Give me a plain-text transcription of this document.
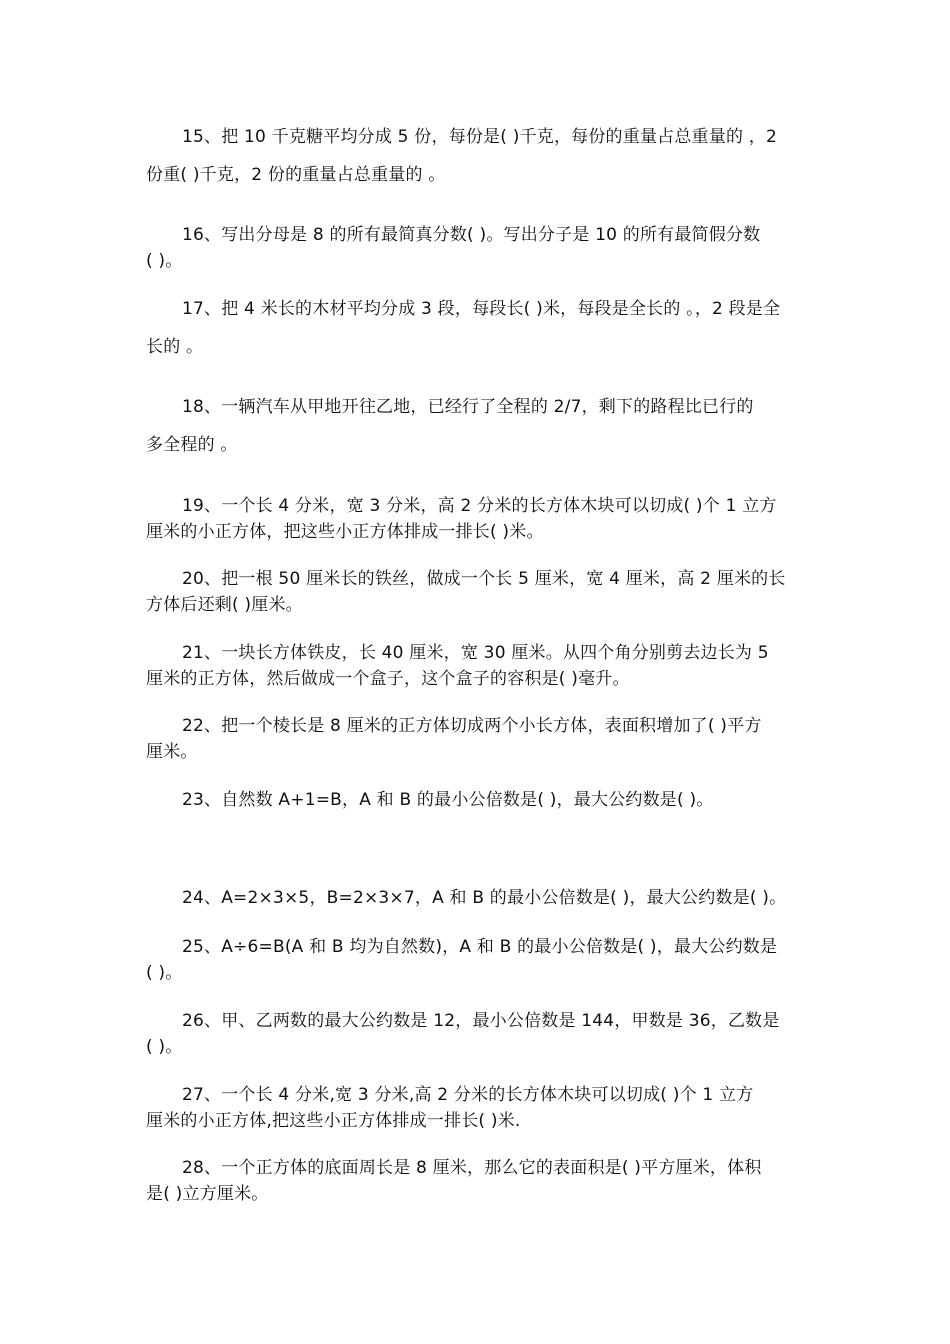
15、把 10 千克糖平均分成 5 份，每份是( )千克，每份的重量占总重量的 ，2
份重( )千克，2 份的重量占总重量的 。

16、写出分母是 8 的所有最简真分数( )。写出分子是 10 的所有最简假分数
( )。

17、把 4 米长的木材平均分成 3 段，每段长( )米，每段是全长的 。，2 段是全
长的 。

18、一辆汽车从甲地开往乙地，已经行了全程的 2/7，剩下的路程比已行的
多全程的 。

19、一个长 4 分米，宽 3 分米，高 2 分米的长方体木块可以切成( )个 1 立方
厘米的小正方体，把这些小正方体排成一排长( )米。

20、把一根 50 厘米长的铁丝，做成一个长 5 厘米，宽 4 厘米，高 2 厘米的长
方体后还剩( )厘米。

21、一块长方体铁皮，长 40 厘米，宽 30 厘米。从四个角分别剪去边长为 5
厘米的正方体，然后做成一个盒子，这个盒子的容积是( )毫升。

22、把一个棱长是 8 厘米的正方体切成两个小长方体，表面积增加了( )平方
厘米。

23、自然数 A+1=B，A 和 B 的最小公倍数是( )，最大公约数是( )。

24、A=2×3×5，B=2×3×7，A 和 B 的最小公倍数是( )，最大公约数是( )。

25、A÷6=B(A 和 B 均为自然数)，A 和 B 的最小公倍数是( )，最大公约数是
( )。

26、甲、乙两数的最大公约数是 12，最小公倍数是 144，甲数是 36，乙数是
( )。

27、一个长 4 分米,宽 3 分米,高 2 分米的长方体木块可以切成( )个 1 立方
厘米的小正方体,把这些小正方体排成一排长( )米.

28、一个正方体的底面周长是 8 厘米，那么它的表面积是( )平方厘米，体积
是( )立方厘米。
